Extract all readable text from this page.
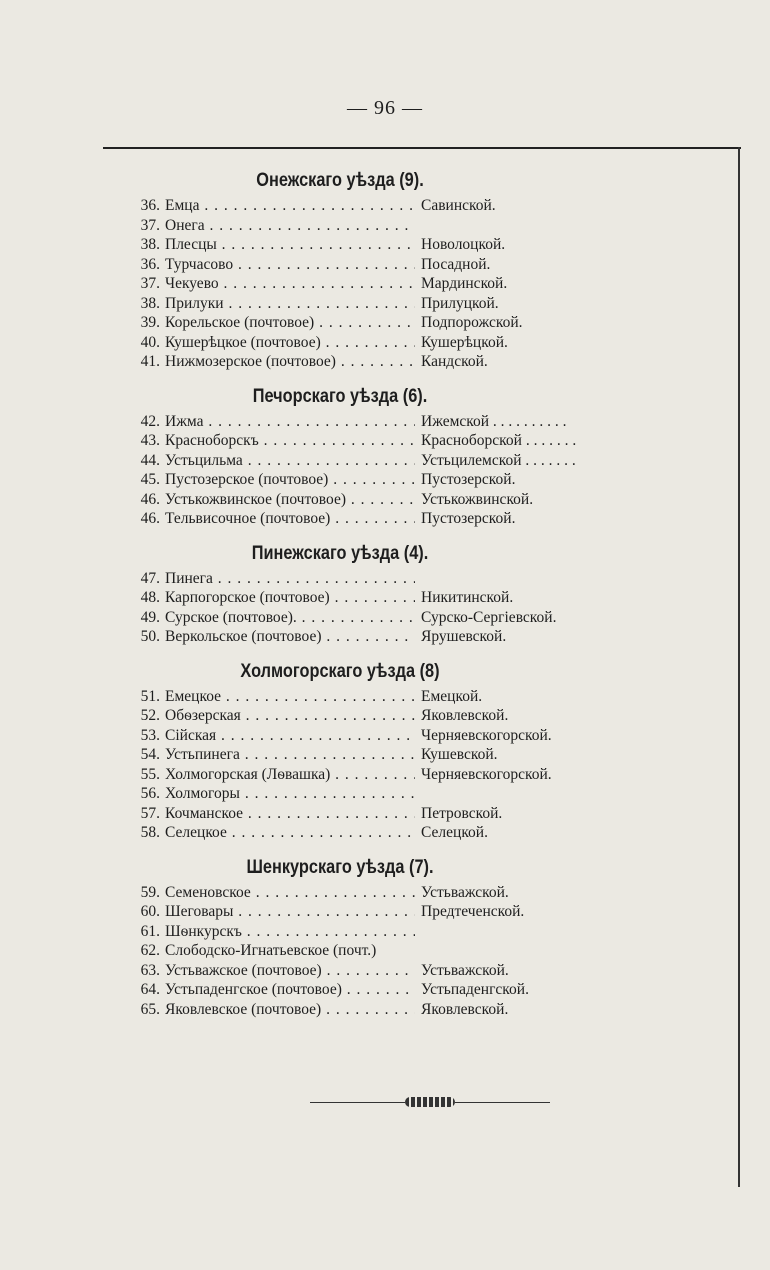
— 96 —
Онежскаго уѣзда (9).
36. Емца . . .	Савинской.
37. Онега . . .
38. Плесцы . . .	Новолоцкой.
36. Турчасово . . .	Посадной.
37. Чекуево . . .	Мардинской.
38. Прилуки . . .	Прилуцкой.
39. Корельское (почтовое) . . .	Подпорожской.
40. Кушерѣцкое (почтовое) . . .	Кушерѣцкой.
41. Нижмозерское (почтовое) . . .	Кандской.
Печорскаго уѣзда (6).
42. Ижма . . .	Ижемской . . . . . . . . . .
43. Красноборскъ . . .	Красноборской . . . . . . .
44. Устьцильма . . .	Устьцилемской . . . . . . .
45. Пустозерское (почтовое) . . .	Пустозерской.
46. Устькожвинское (почтовое) . . .	Устькожвинской.
46. Тельвисочное (почтовое) . . .	Пустозерской.
Пинежскаго уѣзда (4).
47. Пинега . . .
48. Карпогорское (почтовое) . . .	Никитинской.
49. Сурское (почтовое). . . .	Сурско-Сергіевской.
50. Веркольское (почтовое) . . .	Ярушевской.
Холмогорскаго уѣзда (8)
51. Емецкое . . .	Емецкой.
52. Обѳзерская . . .	Яковлевской.
53. Сійская . . .	Черняевскогорской.
54. Устьпинега . . .	Кушевской.
55. Холмогорская (Лѳвашка) . . .	Черняевскогорской.
56. Холмогоры . . .
57. Кочманское . . .	Петровской.
58. Селецкое . . .	Селецкой.
Шенкурскаго уѣзда (7).
59. Семеновское . . .	Устьважской.
60. Шеговары . . .	Предтеченской.
61. Шѳнкурскъ . . .
62. Слободско-Игнатьевское (почт.)
63. Устьважское (почтовое) . . .	Устьважской.
64. Устьпаденгское (почтовое) . . .	Устьпаденгской.
65. Яковлевское (почтовое) . . .	Яковлевской.
